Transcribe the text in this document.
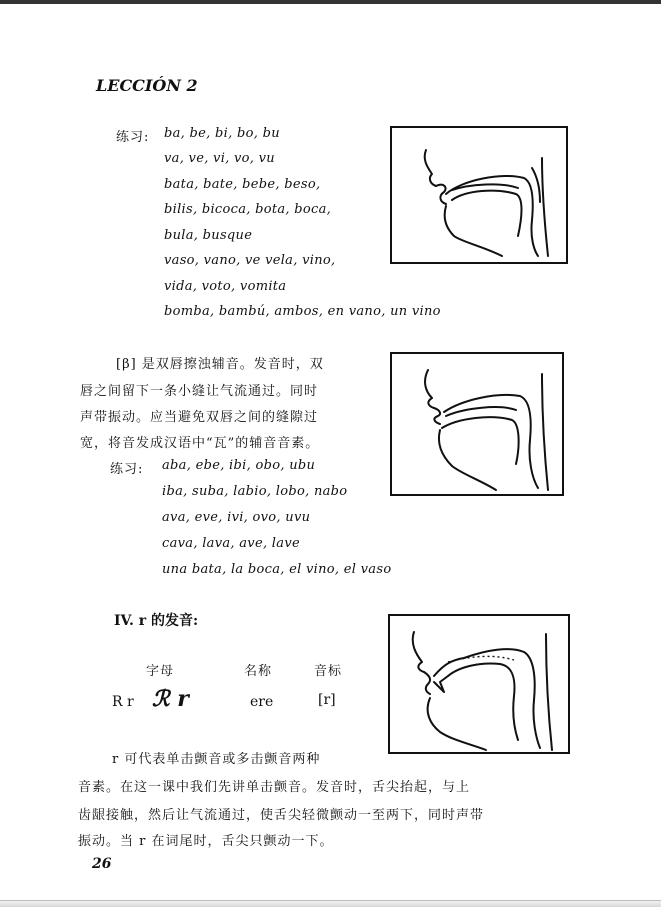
LECCIÓN 2
练习: ba, be, bi, bo, bu
va, ve, vi, vo, vu
bata, bate, bebe, beso,
bilis, bicoca, bota, boca,
bula, busque
vaso, vano, ve vela, vino,
vida, voto, vomita
bomba, bambú, ambos, en vano, un vino
[β] 是双唇擦浊辅音。发音时，双
唇之间留下一条小缝让气流通过。同时
声带振动。应当避免双唇之间的缝隙过
宽，将音发成汉语中“瓦”的辅音音素。
练习: aba, ebe, ibi, obo, ubu
iba, suba, labio, lobo, nabo
ava, eve, ivi, ovo, uvu
cava, lava, ave, lave
una bata, la boca, el vino, el vaso
IV. r 的发音:
字母	名称	音标
R r ℛ r	ere	[r]
r 可代表单击颤音或多击颤音两种
音素。在这一课中我们先讲单击颤音。发音时，舌尖抬起，与上
齿龈接触，然后让气流通过，使舌尖轻微颤动一至两下，同时声带
振动。当 r 在词尾时，舌尖只颤动一下。
26
